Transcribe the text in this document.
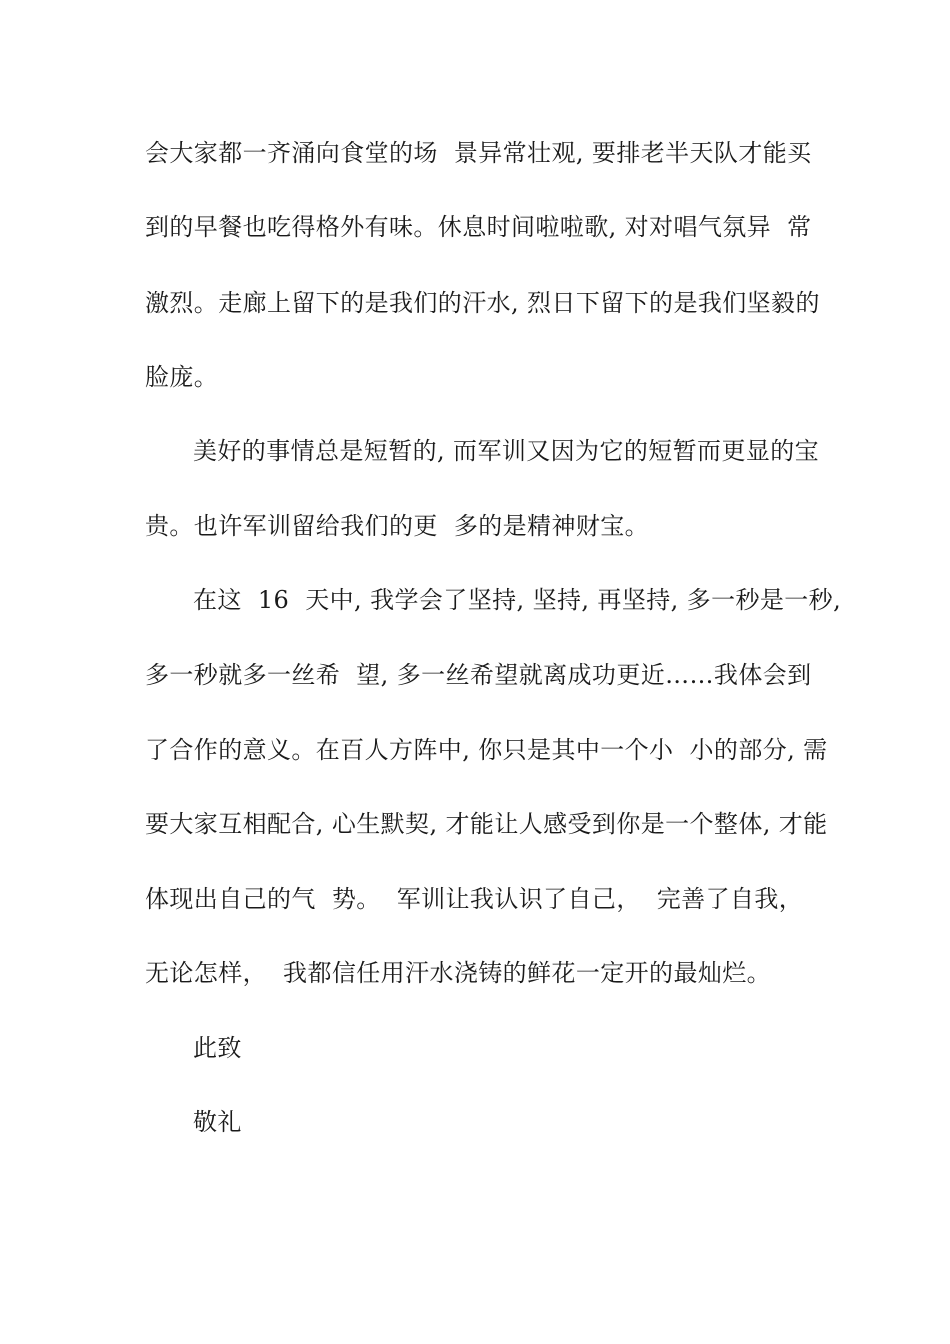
会大家都一齐涌向食堂的场  景异常壮观, 要排老半天队才能买
到的早餐也吃得格外有味。休息时间啦啦歌, 对对唱气氛异  常
激烈。走廊上留下的是我们的汗水, 烈日下留下的是我们坚毅的
脸庞。
美好的事情总是短暂的, 而军训又因为它的短暂而更显的宝
贵。也许军训留给我们的更  多的是精神财宝。
在这  16  天中, 我学会了坚持, 坚持, 再坚持, 多一秒是一秒,
多一秒就多一丝希  望, 多一丝希望就离成功更近……我体会到
了合作的意义。在百人方阵中, 你只是其中一个小  小的部分, 需
要大家互相配合, 心生默契, 才能让人感受到你是一个整体, 才能
体现出自己的气  势。  军训让我认识了自己，  完善了自我，
无论怎样，  我都信任用汗水浇铸的鲜花一定开的最灿烂。
此致
敬礼
